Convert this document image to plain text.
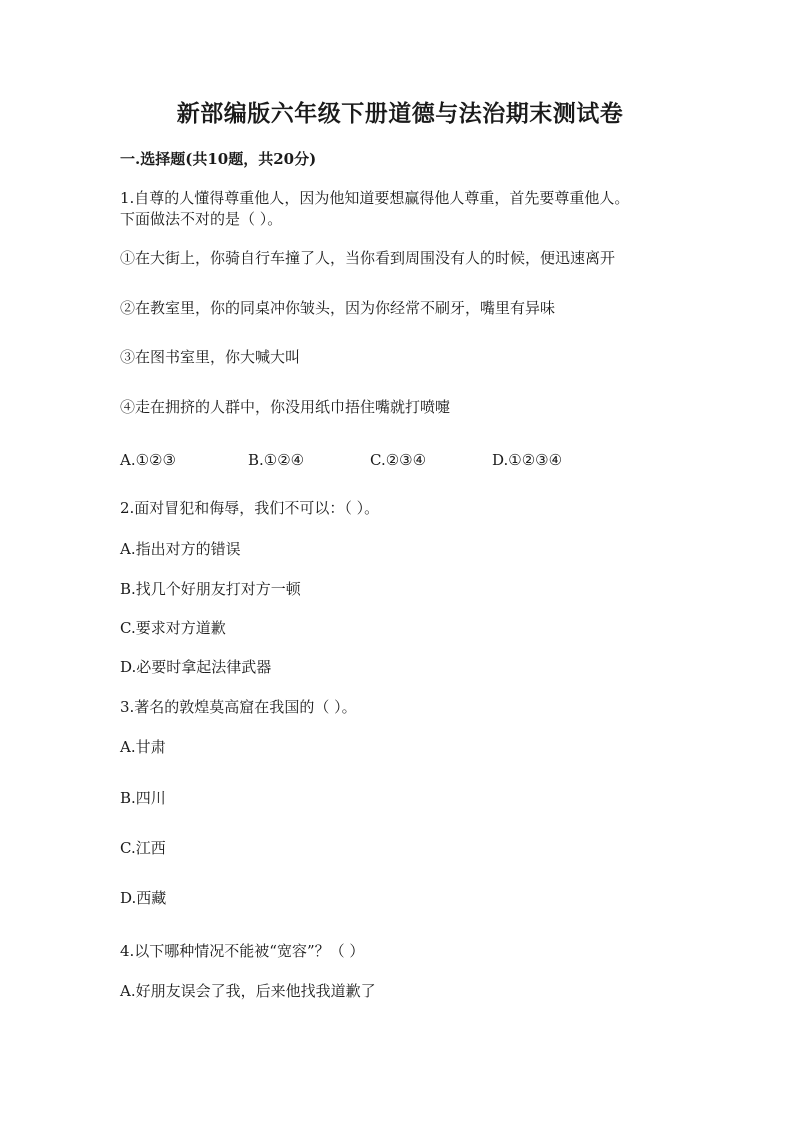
新部编版六年级下册道德与法治期末测试卷
一.选择题(共10题，共20分)
1.自尊的人懂得尊重他人，因为他知道要想赢得他人尊重，首先要尊重他人。
下面做法不对的是（ ）。
①在大街上，你骑自行车撞了人，当你看到周围没有人的时候，便迅速离开
②在教室里，你的同桌冲你皱头，因为你经常不刷牙，嘴里有异味
③在图书室里，你大喊大叫
④走在拥挤的人群中，你没用纸巾捂住嘴就打喷嚏
A.①②③	B.①②④	C.②③④	D.①②③④
2.面对冒犯和侮辱，我们不可以：（ ）。
A.指出对方的错误
B.找几个好朋友打对方一顿
C.要求对方道歉
D.必要时拿起法律武器
3.著名的敦煌莫高窟在我国的（ ）。
A.甘肃
B.四川
C.江西
D.西藏
4.以下哪种情况不能被“宽容”？（ ）
A.好朋友误会了我，后来他找我道歉了
